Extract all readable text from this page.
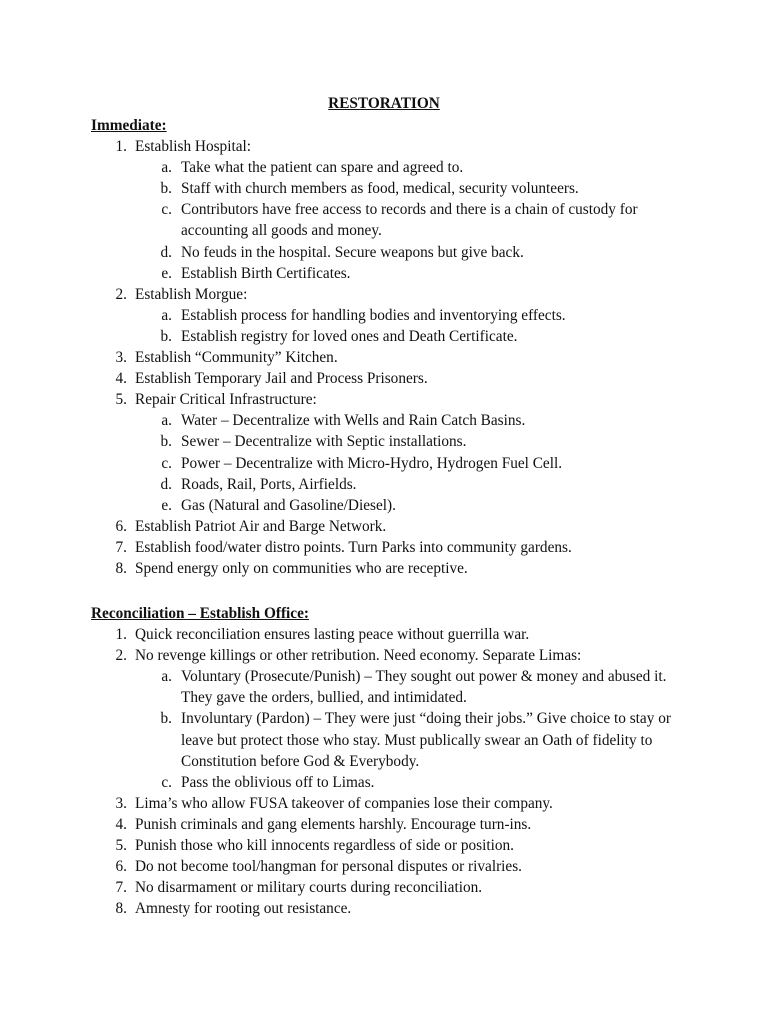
RESTORATION
Immediate:
1. Establish Hospital:
a. Take what the patient can spare and agreed to.
b. Staff with church members as food, medical, security volunteers.
c. Contributors have free access to records and there is a chain of custody for accounting all goods and money.
d. No feuds in the hospital. Secure weapons but give back.
e. Establish Birth Certificates.
2. Establish Morgue:
a. Establish process for handling bodies and inventorying effects.
b. Establish registry for loved ones and Death Certificate.
3. Establish “Community” Kitchen.
4. Establish Temporary Jail and Process Prisoners.
5. Repair Critical Infrastructure:
a. Water – Decentralize with Wells and Rain Catch Basins.
b. Sewer – Decentralize with Septic installations.
c. Power – Decentralize with Micro-Hydro, Hydrogen Fuel Cell.
d. Roads, Rail, Ports, Airfields.
e. Gas (Natural and Gasoline/Diesel).
6. Establish Patriot Air and Barge Network.
7. Establish food/water distro points. Turn Parks into community gardens.
8. Spend energy only on communities who are receptive.
Reconciliation – Establish Office:
1. Quick reconciliation ensures lasting peace without guerrilla war.
2. No revenge killings or other retribution. Need economy. Separate Limas:
a. Voluntary (Prosecute/Punish) – They sought out power & money and abused it. They gave the orders, bullied, and intimidated.
b. Involuntary (Pardon) – They were just “doing their jobs.” Give choice to stay or leave but protect those who stay. Must publically swear an Oath of fidelity to Constitution before God & Everybody.
c. Pass the oblivious off to Limas.
3. Lima’s who allow FUSA takeover of companies lose their company.
4. Punish criminals and gang elements harshly. Encourage turn-ins.
5. Punish those who kill innocents regardless of side or position.
6. Do not become tool/hangman for personal disputes or rivalries.
7. No disarmament or military courts during reconciliation.
8. Amnesty for rooting out resistance.
